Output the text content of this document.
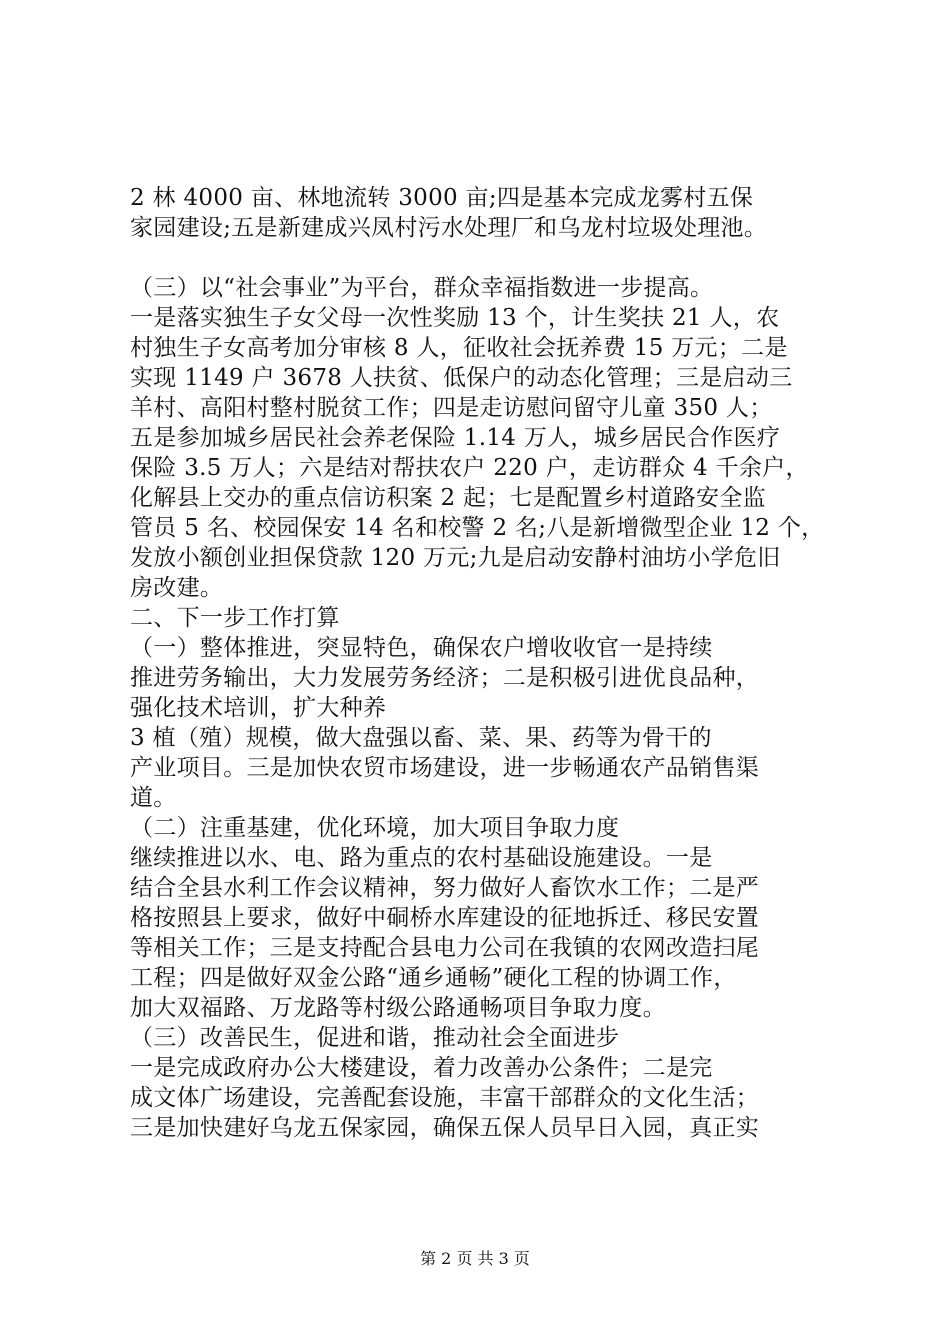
2 林 4000 亩、林地流转 3000 亩;四是基本完成龙雾村五保
家园建设;五是新建成兴凤村污水处理厂和乌龙村垃圾处理池。
（三）以“社会事业”为平台，群众幸福指数进一步提高。
一是落实独生子女父母一次性奖励 13 个，计生奖扶 21 人，农
村独生子女高考加分审核 8 人，征收社会抚养费 15 万元；二是
实现 1149 户 3678 人扶贫、低保户的动态化管理；三是启动三
羊村、高阳村整村脱贫工作；四是走访慰问留守儿童 350 人；
五是参加城乡居民社会养老保险 1.14 万人，城乡居民合作医疗
保险 3.5 万人；六是结对帮扶农户 220 户，走访群众 4 千余户，
化解县上交办的重点信访积案 2 起；七是配置乡村道路安全监
管员 5 名、校园保安 14 名和校警 2 名;八是新增微型企业 12 个，
发放小额创业担保贷款 120 万元;九是启动安静村油坊小学危旧
房改建。
二、下一步工作打算
（一）整体推进，突显特色，确保农户增收收官一是持续
推进劳务输出，大力发展劳务经济；二是积极引进优良品种，
强化技术培训，扩大种养
3 植（殖）规模，做大盘强以畜、菜、果、药等为骨干的
产业项目。三是加快农贸市场建设，进一步畅通农产品销售渠
道。
（二）注重基建，优化环境，加大项目争取力度
继续推进以水、电、路为重点的农村基础设施建设。一是
结合全县水利工作会议精神，努力做好人畜饮水工作；二是严
格按照县上要求，做好中硐桥水库建设的征地拆迁、移民安置
等相关工作；三是支持配合县电力公司在我镇的农网改造扫尾
工程；四是做好双金公路“通乡通畅”硬化工程的协调工作，
加大双福路、万龙路等村级公路通畅项目争取力度。
（三）改善民生，促进和谐，推动社会全面进步
一是完成政府办公大楼建设，着力改善办公条件；二是完
成文体广场建设，完善配套设施，丰富干部群众的文化生活；
三是加快建好乌龙五保家园，确保五保人员早日入园，真正实
第 2 页 共 3 页
